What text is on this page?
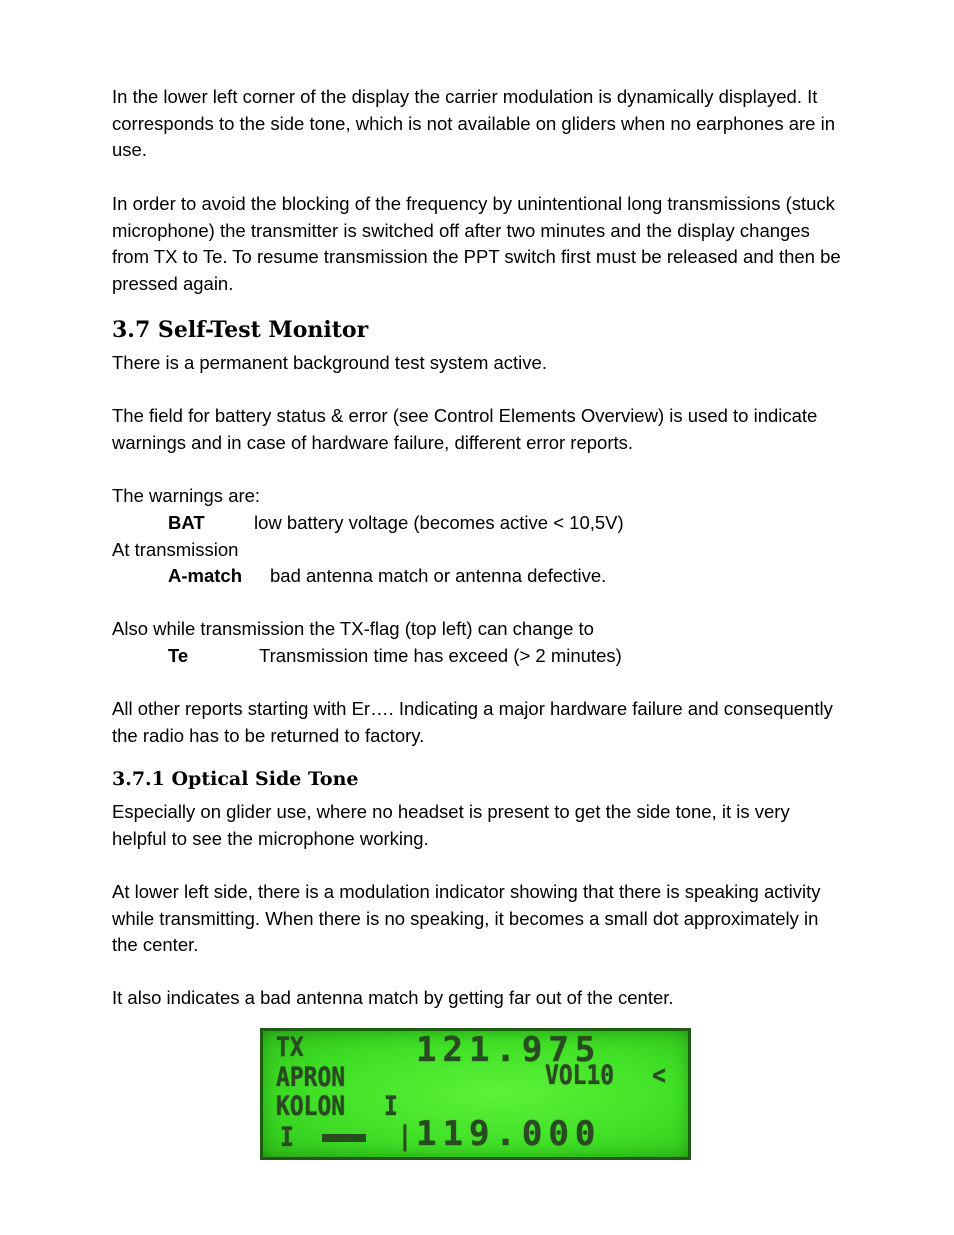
In the lower left corner of the display the carrier modulation is dynamically displayed. It corresponds to the side tone, which is not available on gliders when no earphones are in use.

In order to avoid the blocking of the frequency by unintentional long transmissions (stuck microphone) the transmitter is switched off after two minutes and the display changes from TX to Te. To resume transmission the PPT switch first must be released and then be pressed again.

3.7 Self-Test Monitor

There is a permanent background test system active.

The field for battery status & error (see Control Elements Overview) is used to indicate warnings and in case of hardware failure, different error reports.

The warnings are:

BAT	low battery voltage (becomes active < 10,5V)
At transmission
A-match bad antenna match or antenna defective.
Also while transmission the TX-flag (top left) can change to
Te	Transmission time has exceed (> 2 minutes)

All other reports starting with Er…. Indicating a major hardware failure and consequently the radio has to be returned to factory.

3.7.1 Optical Side Tone

Especially on glider use, where no headset is present to get the side tone, it is very helpful to see the microphone working.

At lower left side, there is a modulation indicator showing that there is speaking activity while transmitting. When there is no speaking, it becomes a small dot approximately in the center.

It also indicates a bad antenna match by getting far out of the center.

TX	121.975
APRON	VOL10 <
KOLON I
I	| 119.000
